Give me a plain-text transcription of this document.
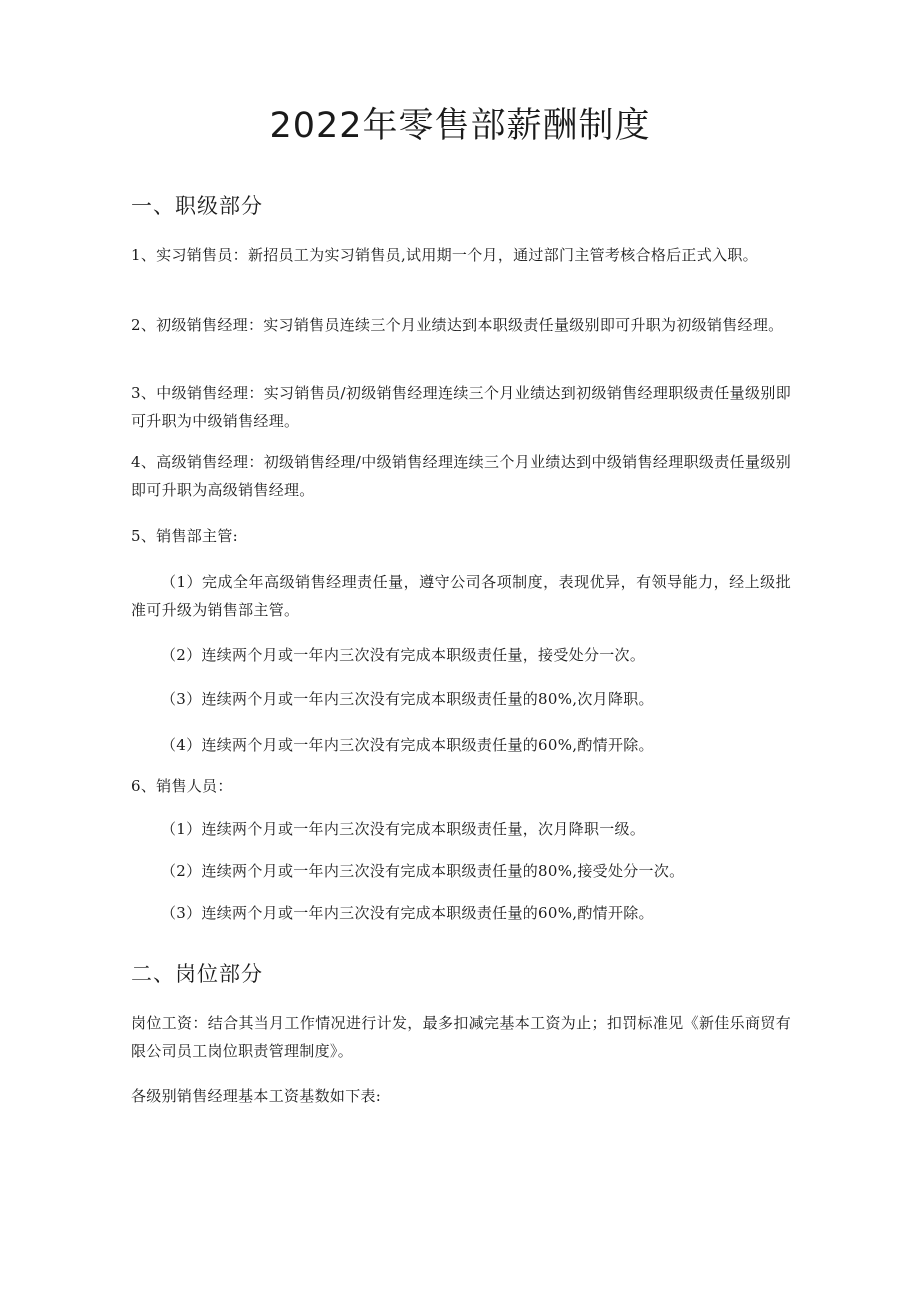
2022年零售部薪酬制度
一、职级部分

1、实习销售员：新招员工为实习销售员,试用期一个月，通过部门主管考核合格后正式入职。

2、初级销售经理：实习销售员连续三个月业绩达到本职级责任量级别即可升职为初级销售经理。

3、中级销售经理：实习销售员/初级销售经理连续三个月业绩达到初级销售经理职级责任量级别即可升职为中级销售经理。

4、高级销售经理：初级销售经理/中级销售经理连续三个月业绩达到中级销售经理职级责任量级别即可升职为高级销售经理。

5、销售部主管:

（1）完成全年高级销售经理责任量，遵守公司各项制度，表现优异，有领导能力，经上级批准可升级为销售部主管。

（2）连续两个月或一年内三次没有完成本职级责任量，接受处分一次。

（3）连续两个月或一年内三次没有完成本职级责任量的80%,次月降职。

（4）连续两个月或一年内三次没有完成本职级责任量的60%,酌情开除。

6、销售人员：

（1）连续两个月或一年内三次没有完成本职级责任量，次月降职一级。

（2）连续两个月或一年内三次没有完成本职级责任量的80%,接受处分一次。

（3）连续两个月或一年内三次没有完成本职级责任量的60%,酌情开除。

二、岗位部分

岗位工资：结合其当月工作情况进行计发，最多扣减完基本工资为止；扣罚标准见《新佳乐商贸有限公司员工岗位职责管理制度》。

各级别销售经理基本工资基数如下表:
